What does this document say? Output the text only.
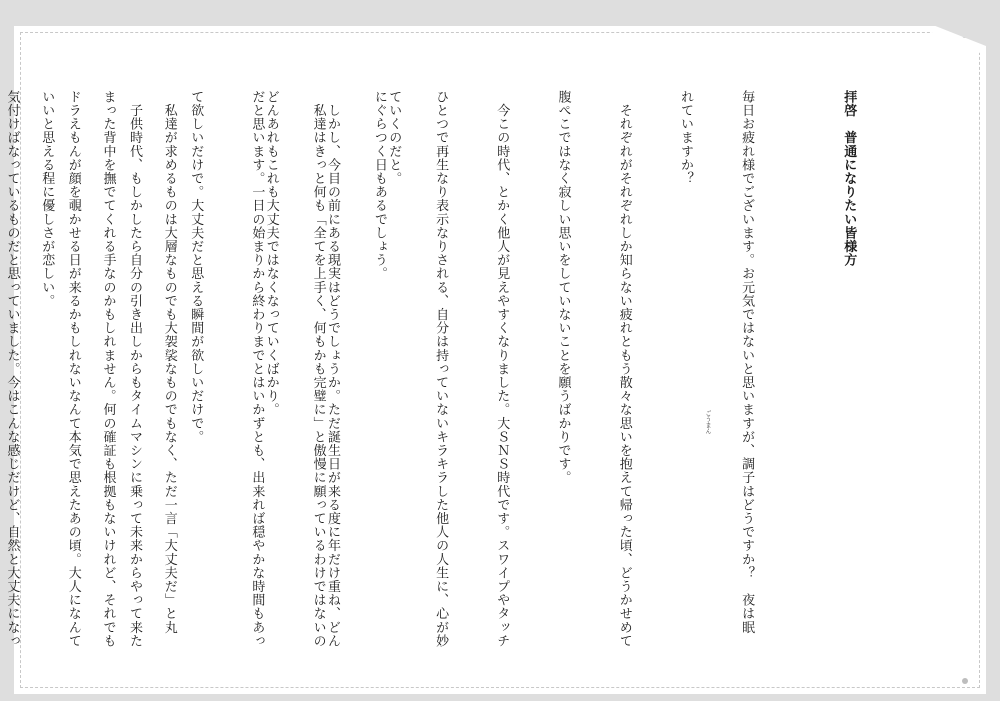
拝啓　普通になりたい皆様方

毎日お疲れ様でございます。お元気ではないと思いますが、調子はどうですか？　夜は眠

れていますか？

　それぞれがそれぞれしか知らない疲れともう散々な思いを抱えて帰った頃、どうかせめて

腹ぺこではなく寂しい思いをしていないことを願うばかりです。

　今この時代、とかく他人が見えやすくなりました。大ＳＮＳ時代です。スワイプやタッチ

ひとつで再生なり表示なりされる、自分は持っていないキラキラした他人の人生に、心が妙

にぐらつく日もあるでしょう。

　私達はきっと何も「全てを上手く、何もかも完璧に」と傲慢に願っているわけではないの

だと思います。一日の始まりから終わりまでとはいかずとも、出来れば穏やかな時間もあっ

て欲しいだけで。大丈夫だと思える瞬間が欲しいだけで。

　子供時代、もしかしたら自分の引き出しからもタイムマシンに乗って未来からやって来た

ドラえもんが顔を覗かせる日が来るかもしれないなんて本気で思えたあの頃。大人になんて

気付けばなっているものだと思っていました。今はこんな感じだけど、自然と大丈夫になっ

	ていくのだと。

　しかし、今目の前にある現実はどうでしょうか。ただ誕生日が来る度に年だけ重ね、どん

どんあれもこれも大丈夫ではなくなっていくばかり。

　私達が求めるものは大層なものでも大袈裟なものでもなく、ただ一言「大丈夫だ」と丸

まった背中を撫でてくれる手なのかもしれません。何の確証も根拠もないけれど、それでも

いいと思える程に優しさが恋しい。

ごうまん
